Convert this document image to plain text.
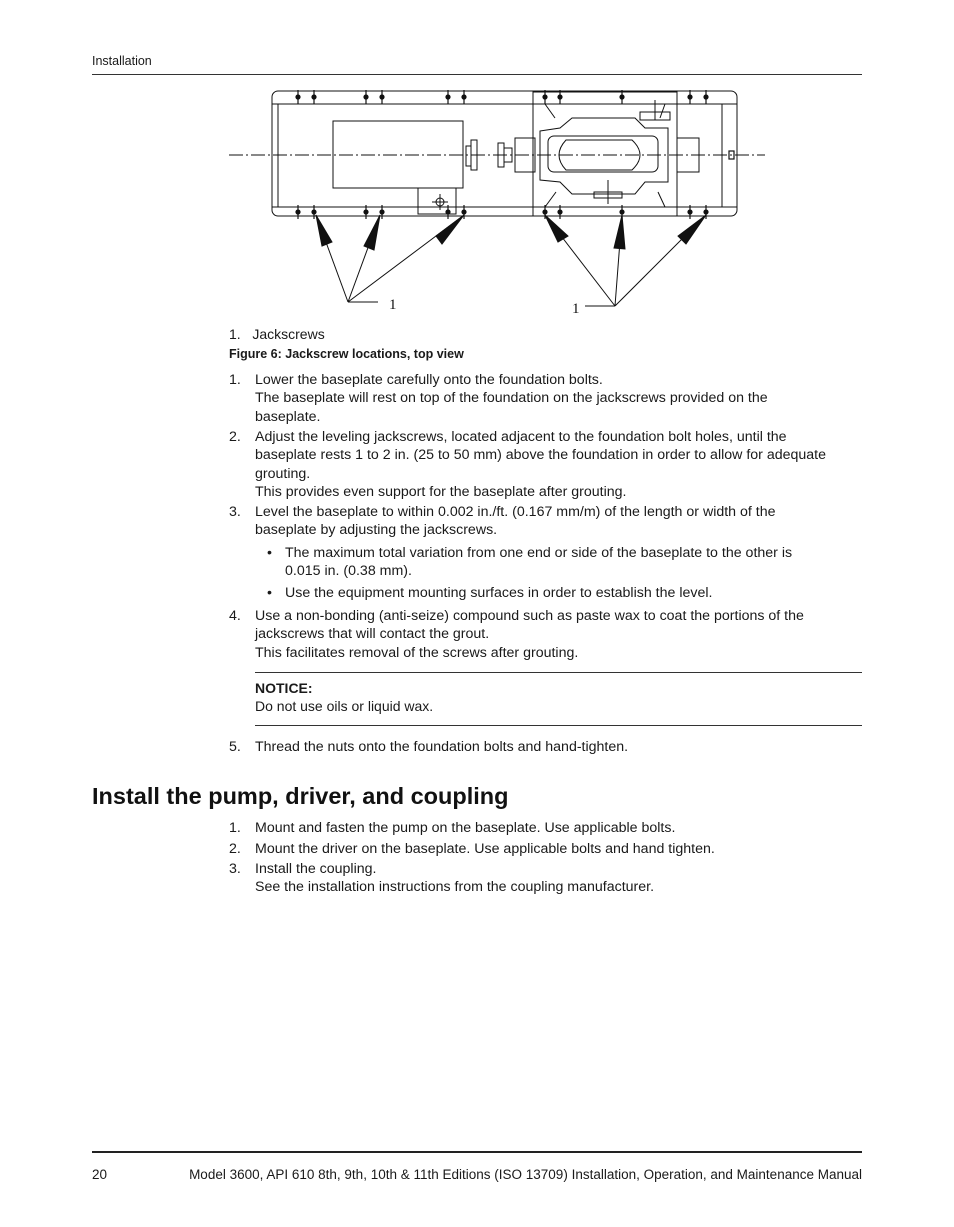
Installation
1	1
1. Jackscrews
Figure 6: Jackscrew locations, top view
1. Lower the baseplate carefully onto the foundation bolts.
The baseplate will rest on top of the foundation on the jackscrews provided on the
baseplate.
2. Adjust the leveling jackscrews, located adjacent to the foundation bolt holes, until the
baseplate rests 1 to 2 in. (25 to 50 mm) above the foundation in order to allow for adequate
grouting.
This provides even support for the baseplate after grouting.
3. Level the baseplate to within 0.002 in./ft. (0.167 mm/m) of the length or width of the
baseplate by adjusting the jackscrews.
• The maximum total variation from one end or side of the baseplate to the other is
0.015 in. (0.38 mm).
• Use the equipment mounting surfaces in order to establish the level.
4. Use a non-bonding (anti-seize) compound such as paste wax to coat the portions of the
jackscrews that will contact the grout.
This facilitates removal of the screws after grouting.
NOTICE:
Do not use oils or liquid wax.
5. Thread the nuts onto the foundation bolts and hand-tighten.
Install the pump, driver, and coupling
1. Mount and fasten the pump on the baseplate. Use applicable bolts.
2. Mount the driver on the baseplate. Use applicable bolts and hand tighten.
3. Install the coupling.
See the installation instructions from the coupling manufacturer.
20	Model 3600, API 610 8th, 9th, 10th & 11th Editions (ISO 13709) Installation, Operation, and Maintenance Manual
